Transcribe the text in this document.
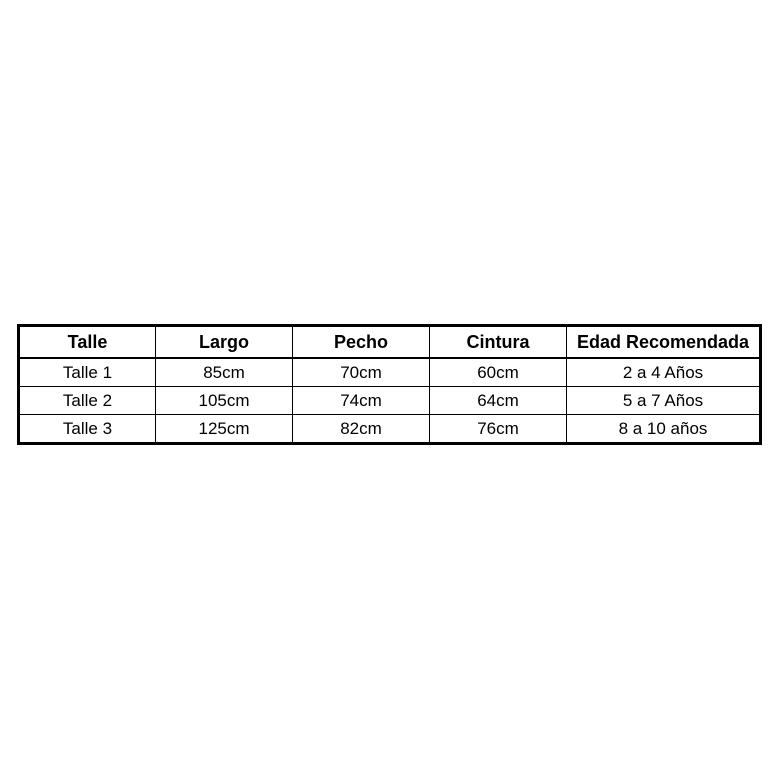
Talle	Largo	Pecho	Cintura	Edad Recomendada
Talle 1	85cm	70cm	60cm	2 a 4 Años
Talle 2	105cm	74cm	64cm	5 a 7 Años
Talle 3	125cm	82cm	76cm	8 a 10 años
